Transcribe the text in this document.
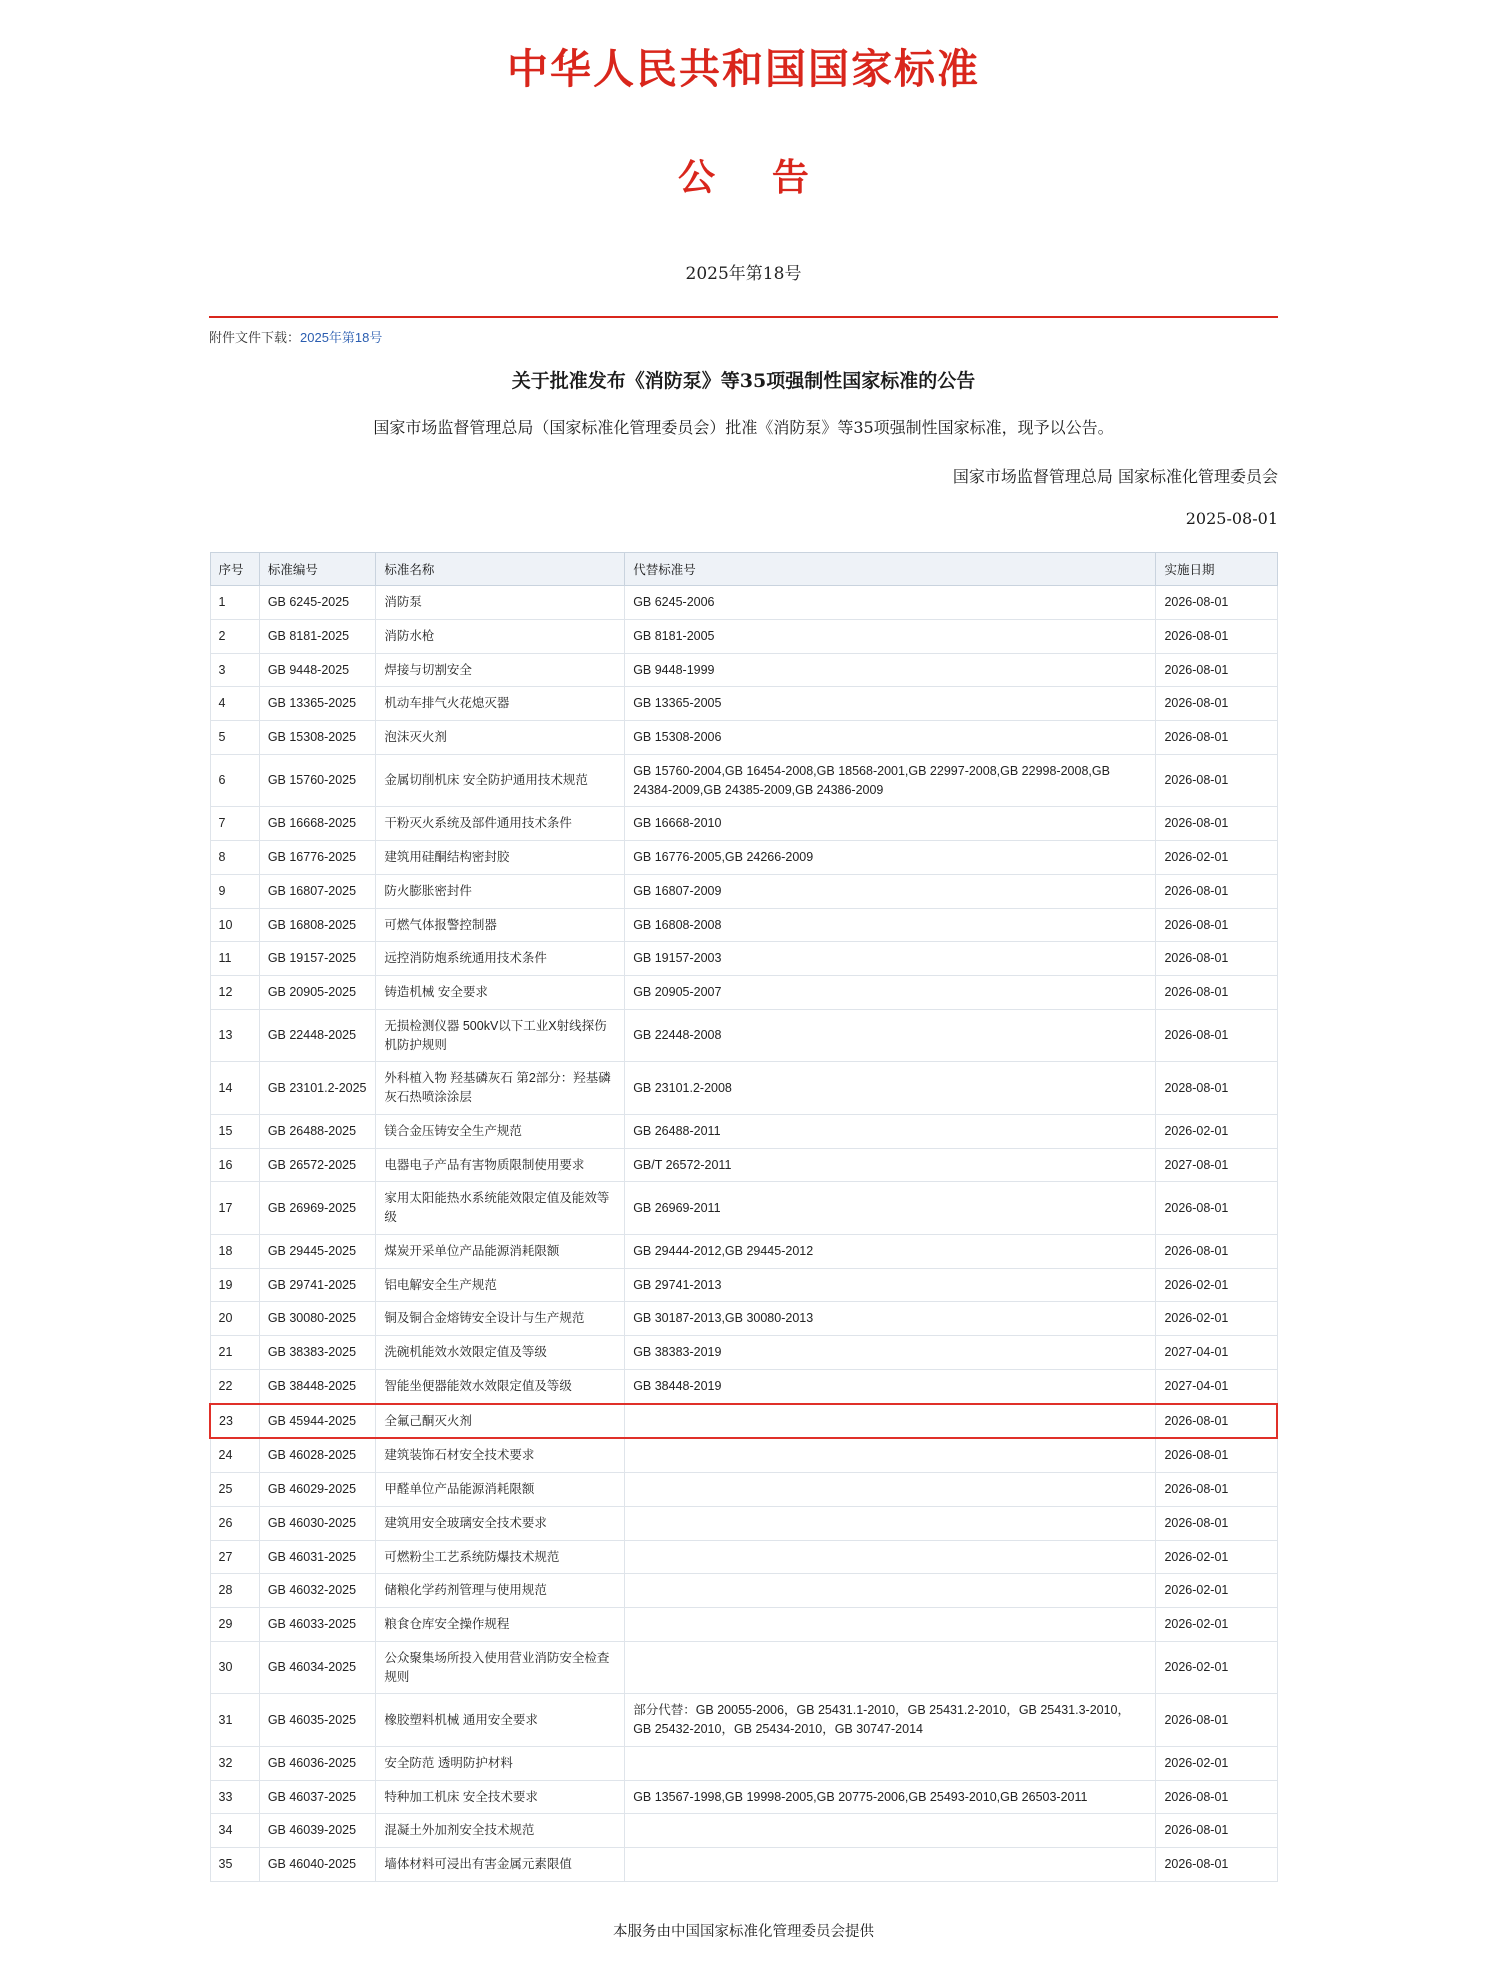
中华人民共和国国家标准
公 告
2025年第18号
附件文件下载：2025年第18号
关于批准发布《消防泵》等35项强制性国家标准的公告
国家市场监督管理总局（国家标准化管理委员会）批准《消防泵》等35项强制性国家标准，现予以公告。
国家市场监督管理总局 国家标准化管理委员会
2025-08-01
序号	标准编号	标准名称	代替标准号	实施日期
1	GB 6245-2025	消防泵	GB 6245-2006	2026-08-01
2	GB 8181-2025	消防水枪	GB 8181-2005	2026-08-01
3	GB 9448-2025	焊接与切割安全	GB 9448-1999	2026-08-01
4	GB 13365-2025	机动车排气火花熄灭器	GB 13365-2005	2026-08-01
5	GB 15308-2025	泡沫灭火剂	GB 15308-2006	2026-08-01
6	GB 15760-2025	金属切削机床 安全防护通用技术规范	GB 15760-2004,GB 16454-2008,GB 18568-2001,GB 22997-2008,GB 22998-2008,GB 24384-2009,GB 24385-2009,GB 24386-2009	2026-08-01
7	GB 16668-2025	干粉灭火系统及部件通用技术条件	GB 16668-2010	2026-08-01
8	GB 16776-2025	建筑用硅酮结构密封胶	GB 16776-2005,GB 24266-2009	2026-02-01
9	GB 16807-2025	防火膨胀密封件	GB 16807-2009	2026-08-01
10	GB 16808-2025	可燃气体报警控制器	GB 16808-2008	2026-08-01
11	GB 19157-2025	远控消防炮系统通用技术条件	GB 19157-2003	2026-08-01
12	GB 20905-2025	铸造机械 安全要求	GB 20905-2007	2026-08-01
13	GB 22448-2025	无损检测仪器 500kV以下工业X射线探伤机防护规则	GB 22448-2008	2026-08-01
14	GB 23101.2-2025	外科植入物 羟基磷灰石 第2部分：羟基磷灰石热喷涂涂层	GB 23101.2-2008	2028-08-01
15	GB 26488-2025	镁合金压铸安全生产规范	GB 26488-2011	2026-02-01
16	GB 26572-2025	电器电子产品有害物质限制使用要求	GB/T 26572-2011	2027-08-01
17	GB 26969-2025	家用太阳能热水系统能效限定值及能效等级	GB 26969-2011	2026-08-01
18	GB 29445-2025	煤炭开采单位产品能源消耗限额	GB 29444-2012,GB 29445-2012	2026-08-01
19	GB 29741-2025	铝电解安全生产规范	GB 29741-2013	2026-02-01
20	GB 30080-2025	铜及铜合金熔铸安全设计与生产规范	GB 30187-2013,GB 30080-2013	2026-02-01
21	GB 38383-2025	洗碗机能效水效限定值及等级	GB 38383-2019	2027-04-01
22	GB 38448-2025	智能坐便器能效水效限定值及等级	GB 38448-2019	2027-04-01
23	GB 45944-2025	全氟己酮灭火剂		2026-08-01
24	GB 46028-2025	建筑装饰石材安全技术要求		2026-08-01
25	GB 46029-2025	甲醛单位产品能源消耗限额		2026-08-01
26	GB 46030-2025	建筑用安全玻璃安全技术要求		2026-08-01
27	GB 46031-2025	可燃粉尘工艺系统防爆技术规范		2026-02-01
28	GB 46032-2025	储粮化学药剂管理与使用规范		2026-02-01
29	GB 46033-2025	粮食仓库安全操作规程		2026-02-01
30	GB 46034-2025	公众聚集场所投入使用营业消防安全检查规则		2026-02-01
31	GB 46035-2025	橡胶塑料机械 通用安全要求	部分代替：GB 20055-2006，GB 25431.1-2010，GB 25431.2-2010，GB 25431.3-2010，GB 25432-2010，GB 25434-2010，GB 30747-2014	2026-08-01
32	GB 46036-2025	安全防范 透明防护材料		2026-02-01
33	GB 46037-2025	特种加工机床 安全技术要求	GB 13567-1998,GB 19998-2005,GB 20775-2006,GB 25493-2010,GB 26503-2011	2026-08-01
34	GB 46039-2025	混凝土外加剂安全技术规范		2026-08-01
35	GB 46040-2025	墙体材料可浸出有害金属元素限值		2026-08-01
本服务由中国国家标准化管理委员会提供
